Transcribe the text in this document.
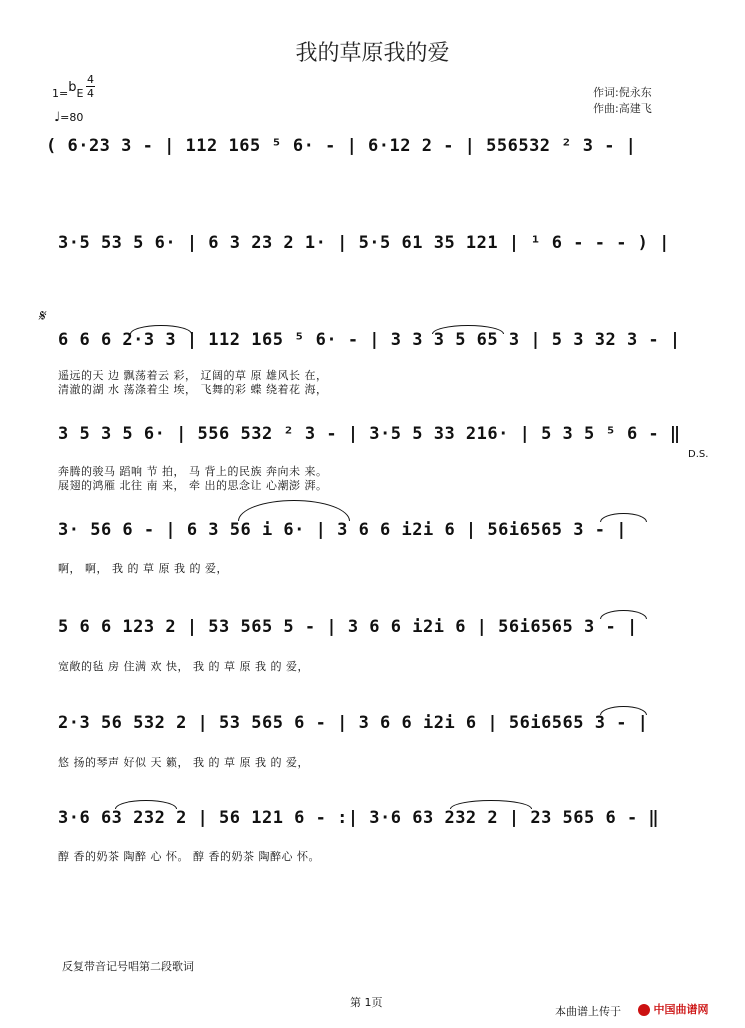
我的草原我的爱
作词:倪永东
作曲:高建飞
1=bE
4
4
♩=80
( 6·23 3 - | 112 165 ⁵ 6· - | 6·12 2 - | 556532 ² 3 - |
3·5 53 5 6· | 6 3 23 2 1· | 5·5 61 35 121 | ¹ 6 - - - ) |
𝄋
6 6 6 2·3 3 | 112 165 ⁵ 6· - | 3 3 3 5 65 3 | 5 3 32 3 - |
遥远的天 边 飘荡着云 彩， 辽阔的草 原 雄风长 在，
清澈的湖 水 荡涤着尘 埃， 飞舞的彩 蝶 绕着花 海，
3 5 3 5 6· | 556 532 ² 3 - | 3·5 5 33 216· | 5 3 5 ⁵ 6 - ‖
奔腾的骏马 蹈响 节 拍， 马 背上的民族 奔向未 来。
展翅的鸿雁 北往 南 来， 牵 出的思念让 心潮澎 湃。
D.S.
3· 56 6 - | 6 3 56 i 6· | 3 6 6 i2i 6 | 56i6565 3 - |
啊， 啊， 我 的 草 原 我 的 爱，
5 6 6 123 2 | 53 565 5 - | 3 6 6 i2i 6 | 56i6565 3 - |
宽敞的毡 房 住满 欢 快， 我 的 草 原 我 的 爱，
2·3 56 532 2 | 53 565 6 - | 3 6 6 i2i 6 | 56i6565 3 - |
悠 扬的琴声 好似 天 籁， 我 的 草 原 我 的 爱，
3·6 63 232 2 | 56 121 6 - :| 3·6 63 232 2 | 23 565 6 - ‖
醇 香的奶茶 陶醉 心 怀。 醇 香的奶茶 陶醉心 怀。
反复带音记号唱第二段歌词
第 1页
本曲谱上传于	中国曲谱网
